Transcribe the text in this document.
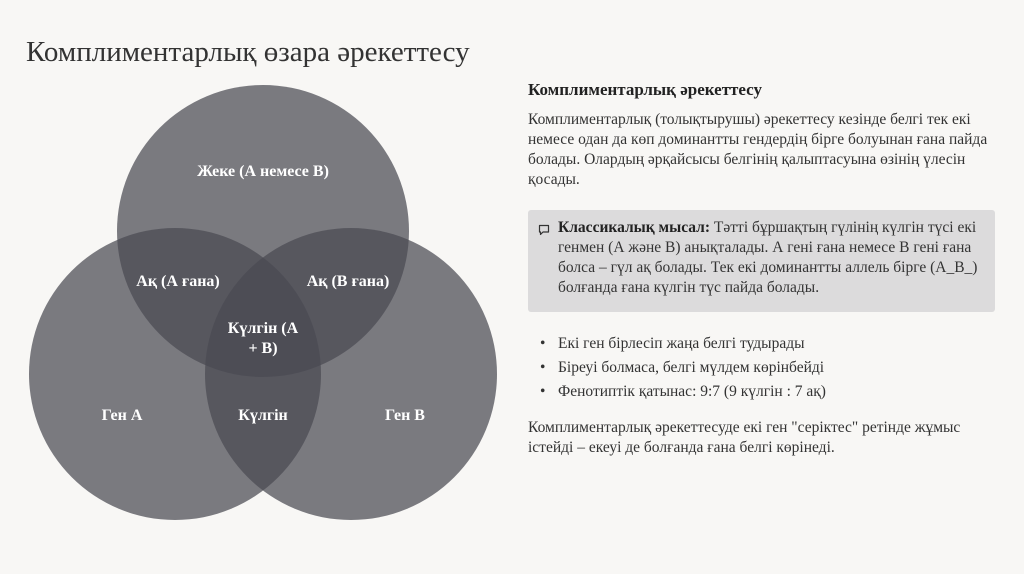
Комплиментарлық өзара әрекеттесу
Жеке (А немесе В)
Ақ (А ғана)	Ақ (В ғана)
Күлгін (А
+ В)
Ген А	Күлгін	Ген В
Комплиментарлық әрекеттесу

Комплиментарлық (толықтырушы) әрекеттесу кезінде белгі тек екі немесе одан да көп доминантты гендердің бірге болуынан ғана пайда болады. Олардың әрқайсысы белгінің қалыптасуына өзінің үлесін қосады.

Классикалық мысал: Тәтті бұршақтың гүлінің күлгін түсі екі генмен (А және В) анықталады. А гені ғана немесе В гені ғана болса – гүл ақ болады. Тек екі доминантты аллель бірге (А_В_) болғанда ғана күлгін түс пайда болады.
• Екі ген бірлесіп жаңа белгі тудырады
• Біреуі болмаса, белгі мүлдем көрінбейді
• Фенотиптік қатынас: 9:7 (9 күлгін : 7 ақ)

Комплиментарлық әрекеттесуде екі ген "серіктес" ретінде жұмыс істейді – екеуі де болғанда ғана белгі көрінеді.
